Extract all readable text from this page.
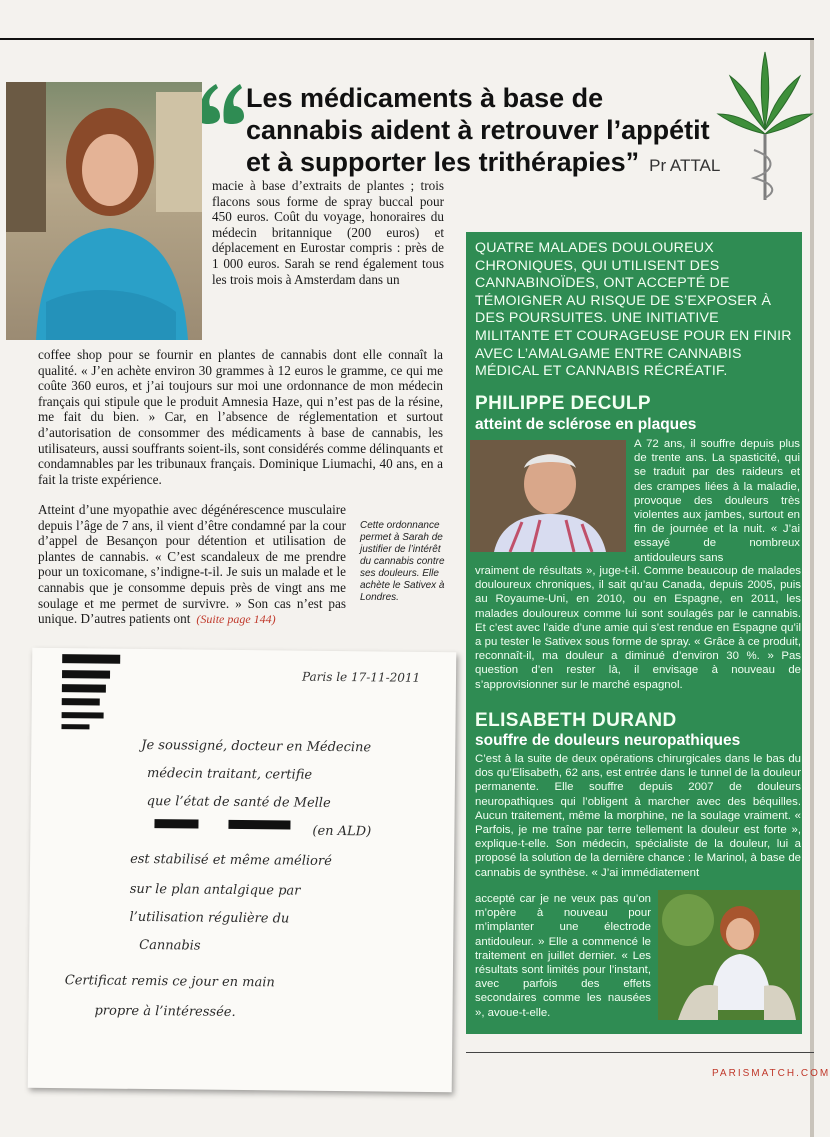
Les médicaments à base de cannabis aident à retrouver l’appétit et à supporter les trithérapies” Pr ATTAL

macie à base d’extraits de plantes ; trois flacons sous forme de spray buccal pour 450 euros. Coût du voyage, honoraires du médecin britannique (200 euros) et déplacement en Eurostar compris : près de 1 000 euros. Sarah se rend également tous les trois mois à Amsterdam dans un

coffee shop pour se fournir en plantes de cannabis dont elle connaît la qualité. « J’en achète environ 30 grammes à 12 euros le gramme, ce qui me coûte 360 euros, et j’ai toujours sur moi une ordonnance de mon médecin français qui stipule que le produit Amnesia Haze, qui n’est pas de la résine, me fait du bien. » Car, en l’absence de réglementation et surtout d’autorisation de consommer des médicaments à base de cannabis, les utilisateurs, aussi souffrants soient-ils, sont considérés comme délinquants et condamnables par les tribunaux français. Dominique Liumachi, 40 ans, en a fait la triste expérience.

Atteint d’une myopathie avec dégénérescence musculaire depuis l’âge de 7 ans, il vient d’être condamné par la cour d’appel de Besançon pour détention et utilisation de plantes de cannabis. « C’est scandaleux de me prendre pour un toxicomane, s’indigne-t-il. Je suis un malade et le cannabis que je consomme depuis près de vingt ans me soulage et me permet de survivre. » Son cas n’est pas unique. D’autres patients ont (Suite page 144)

Cette ordonnance permet à Sarah de justifier de l’intérêt du cannabis contre ses douleurs. Elle achète le Sativex à Londres.
Paris le 17-11-2011
Je soussigné, docteur en Médecine
médecin traitant, certifie
que l’état de santé de Melle
(en ALD)
est stabilisé et même amélioré
sur le plan antalgique par
l’utilisation régulière du
Cannabis
Certificat remis ce jour en main
propre à l’intéressée.

QUATRE MALADES DOULOUREUX CHRONIQUES, QUI UTILISENT DES CANNABINOÏDES, ONT ACCEPTÉ DE TÉMOIGNER AU RISQUE DE S’EXPOSER À DES POURSUITES. UNE INITIATIVE MILITANTE ET COURAGEUSE POUR EN FINIR AVEC L’AMALGAME ENTRE CANNABIS MÉDICAL ET CANNABIS RÉCRÉATIF.

PHILIPPE DECULP
atteint de sclérose en plaques

A 72 ans, il souffre depuis plus de trente ans. La spasticité, qui se traduit par des raideurs et des crampes liées à la maladie, provoque des douleurs très violentes aux jambes, surtout en fin de journée et la nuit. « J’ai essayé de nombreux antidouleurs sans

vraiment de résultats », juge-t-il. Comme beaucoup de malades douloureux chroniques, il sait qu’au Canada, depuis 2005, puis au Royaume-Uni, en 2010, ou en Espagne, en 2011, les malades douloureux comme lui sont soulagés par le cannabis. Et c’est avec l’aide d’une amie qui s’est rendue en Espagne qu’il a pu tester le Sativex sous forme de spray. « Grâce à ce produit, reconnaît-il, ma douleur a diminué d’environ 30 %. » Pas question d’en rester là, il envisage à nouveau de s’approvisionner sur le marché espagnol.

ELISABETH DURAND
souffre de douleurs neuropathiques

C’est à la suite de deux opérations chirurgicales dans le bas du dos qu’Elisabeth, 62 ans, est entrée dans le tunnel de la douleur permanente. Elle souffre depuis 2007 de douleurs neuropathiques qui l’obligent à marcher avec des béquilles. Aucun traitement, même la morphine, ne la soulage vraiment. « Parfois, je me traîne par terre tellement la douleur est forte », explique-t-elle. Son médecin, spécialiste de la douleur, lui a proposé la solution de la dernière chance : le Marinol, à base de cannabis de synthèse. « J’ai immédiatement

accepté car je ne veux pas qu’on m’opère à nouveau pour m’implanter une électrode antidouleur. » Elle a commencé le traitement en juillet dernier. « Les résultats sont limités pour l’instant, avec parfois des effets secondaires comme les nausées », avoue-t-elle.

PARISMATCH.COM
